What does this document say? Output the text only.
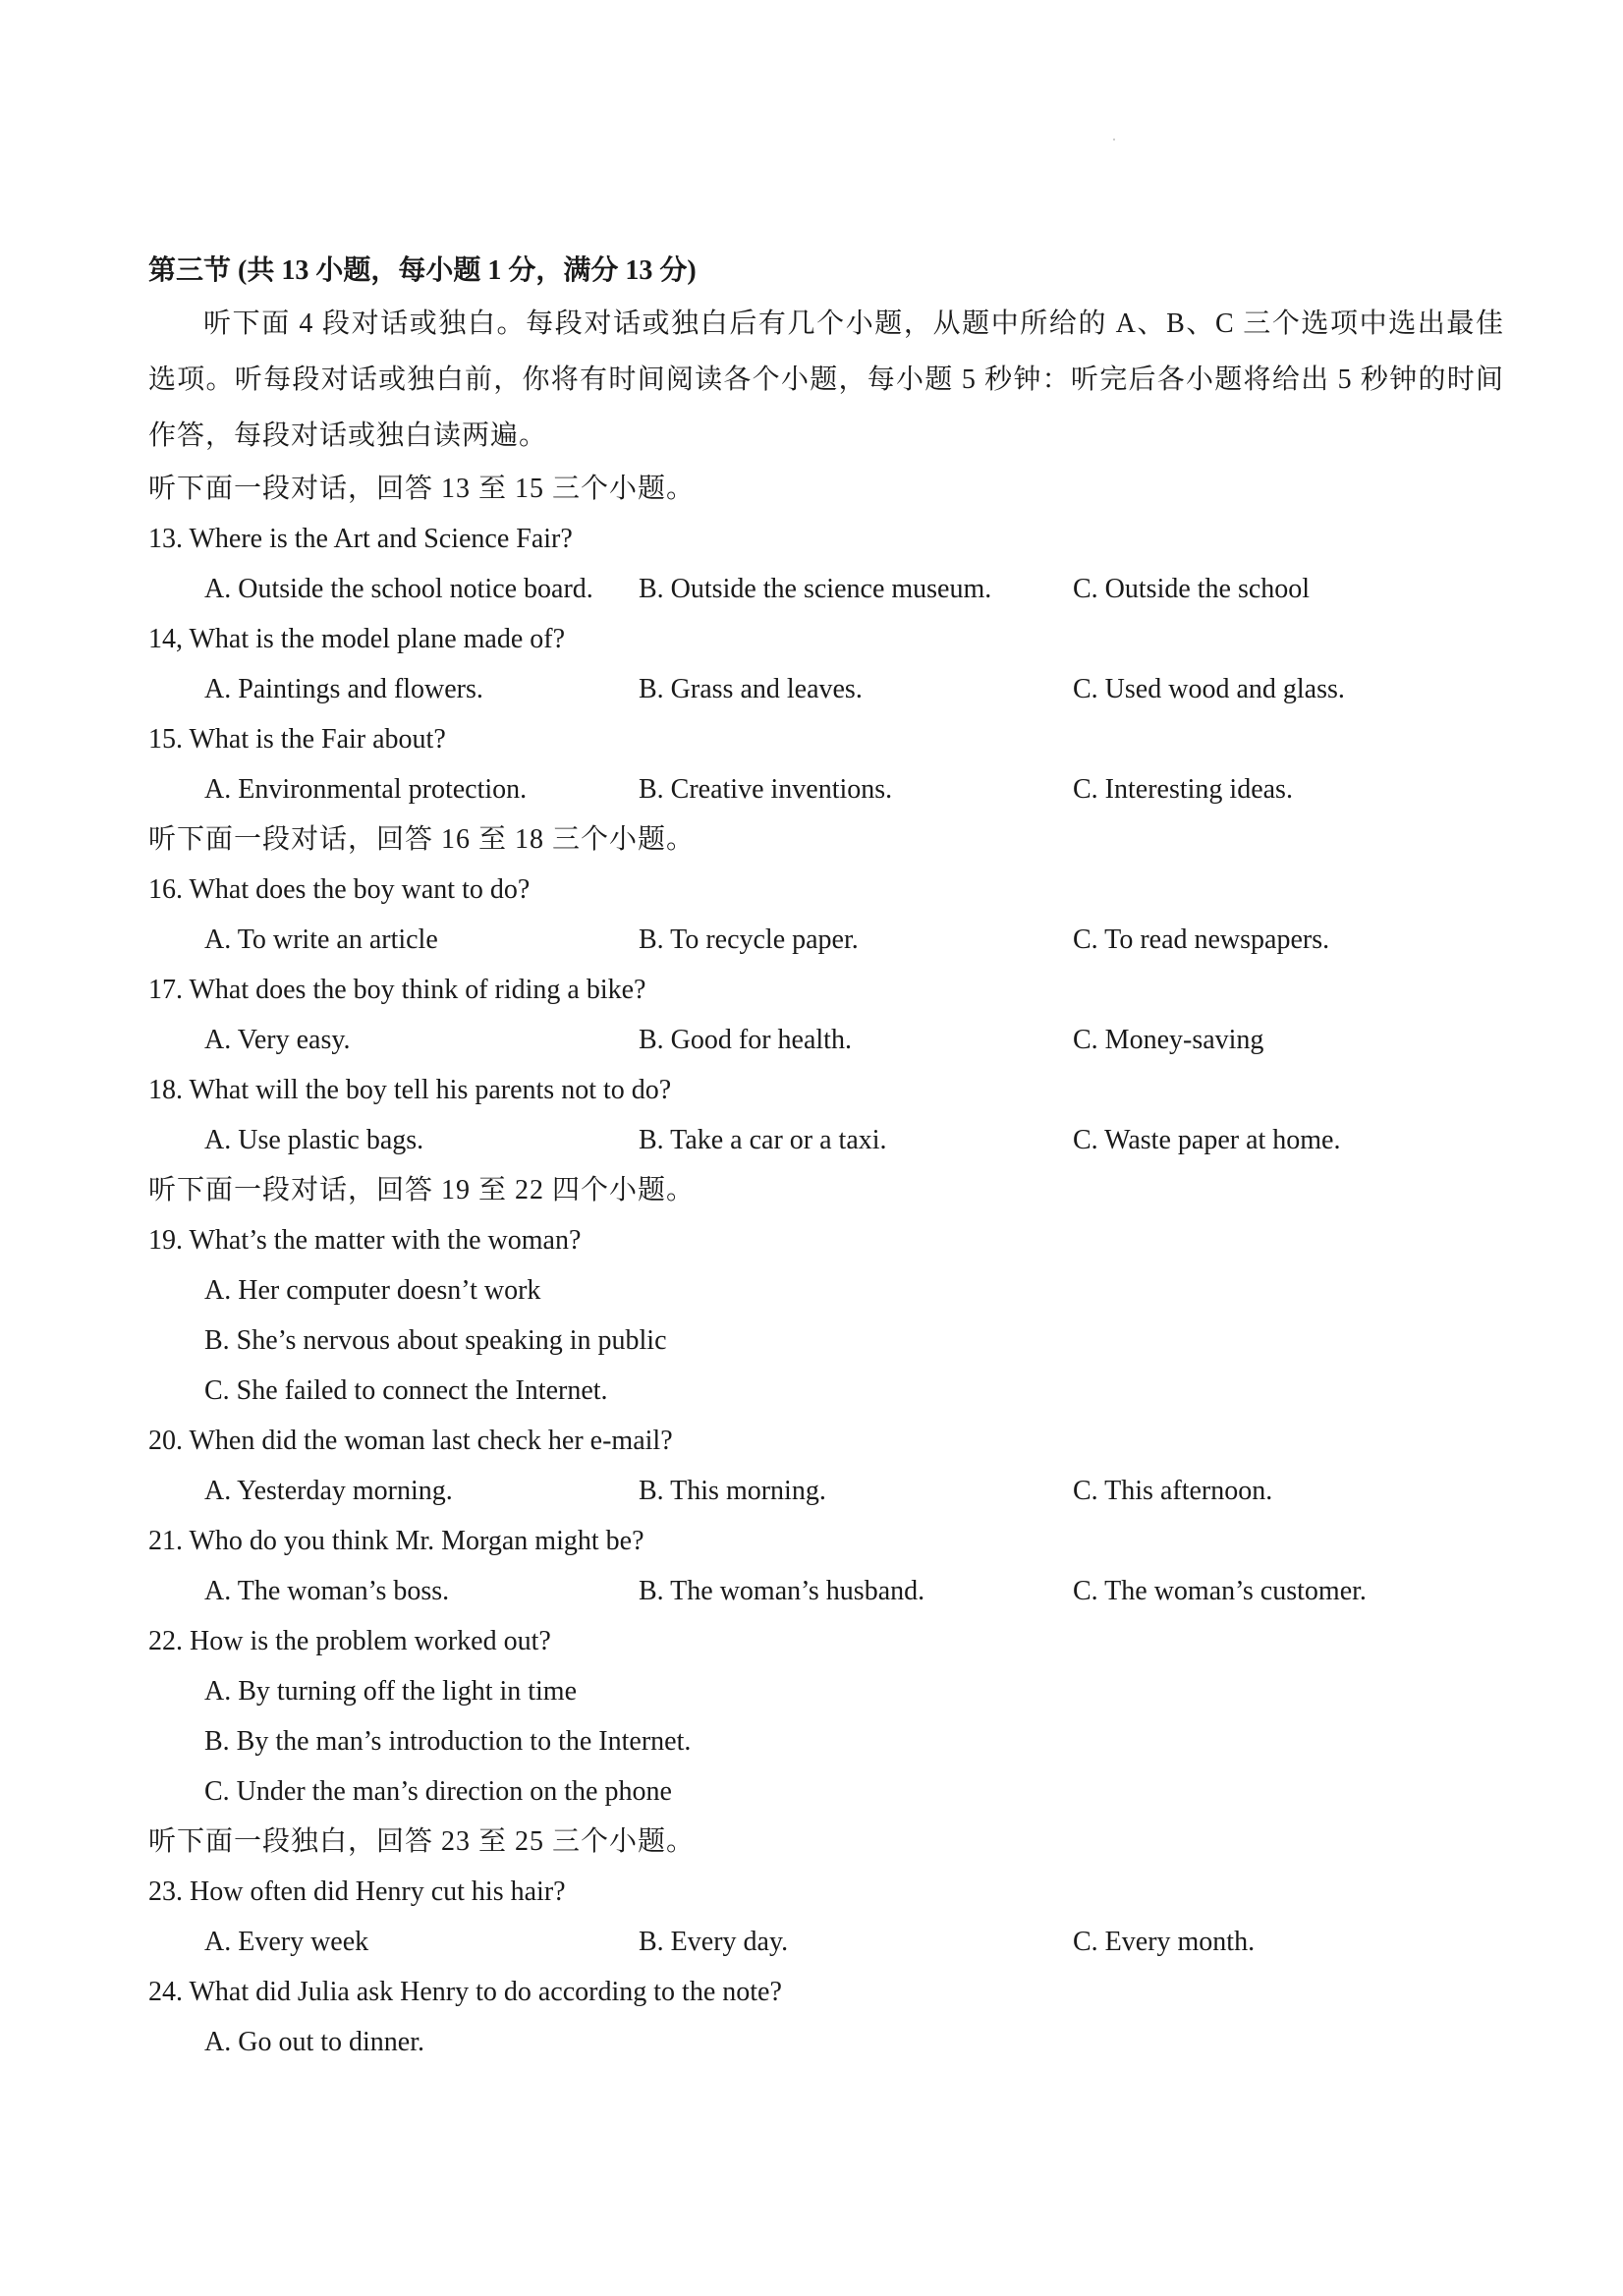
第三节 (共 13 小题，每小题 1 分，满分 13 分)
听下面 4 段对话或独白。每段对话或独白后有几个小题，从题中所给的 A、B、C 三个选项中选出最佳选项。听每段对话或独白前，你将有时间阅读各个小题，每小题 5 秒钟：听完后各小题将给出 5 秒钟的时间作答，每段对话或独白读两遍。
听下面一段对话，回答 13 至 15 三个小题。
13. Where is the Art and Science Fair?
A. Outside the school notice board.	B. Outside the science museum.	C. Outside the school
14, What is the model plane made of?
A. Paintings and flowers.	B. Grass and leaves.	C. Used wood and glass.
15. What is the Fair about?
A. Environmental protection.	B. Creative inventions.	C. Interesting ideas.
听下面一段对话，回答 16 至 18 三个小题。
16. What does the boy want to do?
A. To write an article	B. To recycle paper.	C. To read newspapers.
17. What does the boy think of riding a bike?
A. Very easy.	B. Good for health.	C. Money-saving
18. What will the boy tell his parents not to do?
A. Use plastic bags.	B. Take a car or a taxi.	C. Waste paper at home.
听下面一段对话，回答 19 至 22 四个小题。
19. What’s the matter with the woman?
A. Her computer doesn’t work
B. She’s nervous about speaking in public
C. She failed to connect the Internet.
20. When did the woman last check her e-mail?
A. Yesterday morning.	B. This morning.	C. This afternoon.
21. Who do you think Mr. Morgan might be?
A. The woman’s boss.	B. The woman’s husband.	C. The woman’s customer.
22. How is the problem worked out?
A. By turning off the light in time
B. By the man’s introduction to the Internet.
C. Under the man’s direction on the phone
听下面一段独白，回答 23 至 25 三个小题。
23. How often did Henry cut his hair?
A. Every week	B. Every day.	C. Every month.
24. What did Julia ask Henry to do according to the note?
A. Go out to dinner.
